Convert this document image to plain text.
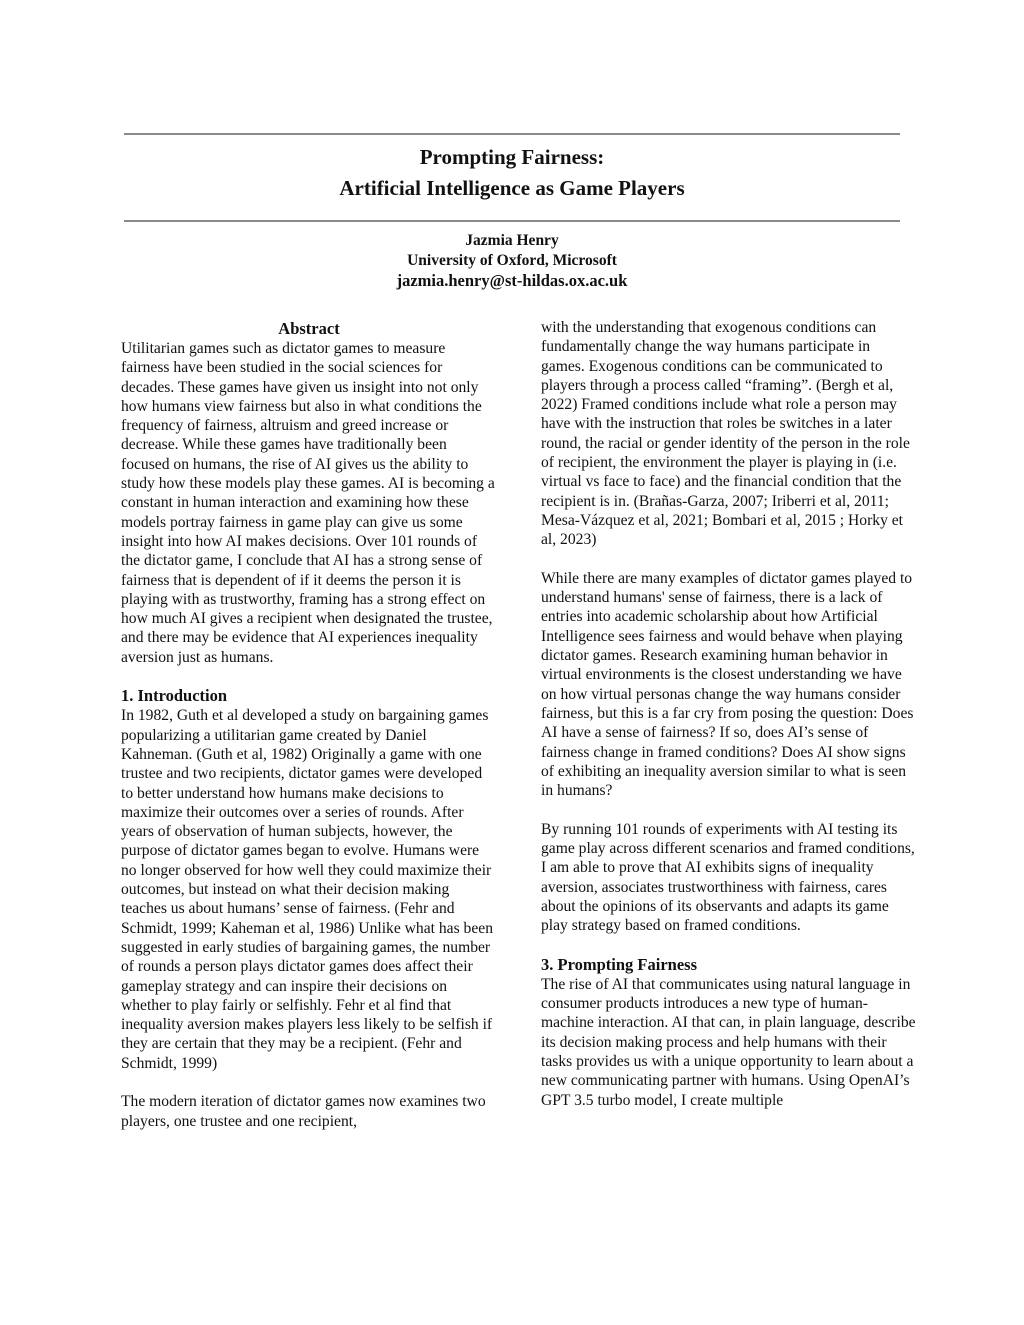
Prompting Fairness:
Artificial Intelligence as Game Players
Jazmia Henry
University of Oxford, Microsoft
jazmia.henry@st-hildas.ox.ac.uk
Abstract

Utilitarian games such as dictator games to measure fairness have been studied in the social sciences for decades. These games have given us insight into not only how humans view fairness but also in what conditions the frequency of fairness, altruism and greed increase or decrease. While these games have traditionally been focused on humans, the rise of AI gives us the ability to study how these models play these games. AI is becoming a constant in human interaction and examining how these models portray fairness in game play can give us some insight into how AI makes decisions. Over 101 rounds of the dictator game, I conclude that AI has a strong sense of fairness that is dependent of if it deems the person it is playing with as trustworthy, framing has a strong effect on how much AI gives a recipient when designated the trustee, and there may be evidence that AI experiences inequality aversion just as humans.

1. Introduction

In 1982, Guth et al developed a study on bargaining games popularizing a utilitarian game created by Daniel Kahneman. (Guth et al, 1982) Originally a game with one trustee and two recipients, dictator games were developed to better understand how humans make decisions to maximize their outcomes over a series of rounds. After years of observation of human subjects, however, the purpose of dictator games began to evolve. Humans were no longer observed for how well they could maximize their outcomes, but instead on what their decision making teaches us about humans’ sense of fairness. (Fehr and Schmidt, 1999; Kaheman et al, 1986) Unlike what has been suggested in early studies of bargaining games, the number of rounds a person plays dictator games does affect their gameplay strategy and can inspire their decisions on whether to play fairly or selfishly. Fehr et al find that inequality aversion makes players less likely to be selfish if they are certain that they may be a recipient. (Fehr and Schmidt, 1999)

The modern iteration of dictator games now examines two players, one trustee and one recipient,

with the understanding that exogenous conditions can fundamentally change the way humans participate in games. Exogenous conditions can be communicated to players through a process called “framing”. (Bergh et al, 2022) Framed conditions include what role a person may have with the instruction that roles be switches in a later round, the racial or gender identity of the person in the role of recipient, the environment the player is playing in (i.e. virtual vs face to face) and the financial condition that the recipient is in. (Brañas-Garza, 2007; Iriberri et al, 2011; Mesa-Vázquez et al, 2021; Bombari et al, 2015 ; Horky et al, 2023)

While there are many examples of dictator games played to understand humans' sense of fairness, there is a lack of entries into academic scholarship about how Artificial Intelligence sees fairness and would behave when playing dictator games. Research examining human behavior in virtual environments is the closest understanding we have on how virtual personas change the way humans consider fairness, but this is a far cry from posing the question: Does AI have a sense of fairness? If so, does AI’s sense of fairness change in framed conditions? Does AI show signs of exhibiting an inequality aversion similar to what is seen in humans?

By running 101 rounds of experiments with AI testing its game play across different scenarios and framed conditions, I am able to prove that AI exhibits signs of inequality aversion, associates trustworthiness with fairness, cares about the opinions of its observants and adapts its game play strategy based on framed conditions.

3. Prompting Fairness

The rise of AI that communicates using natural language in consumer products introduces a new type of human-machine interaction. AI that can, in plain language, describe its decision making process and help humans with their tasks provides us with a unique opportunity to learn about a new communicating partner with humans. Using OpenAI’s GPT 3.5 turbo model, I create multiple
